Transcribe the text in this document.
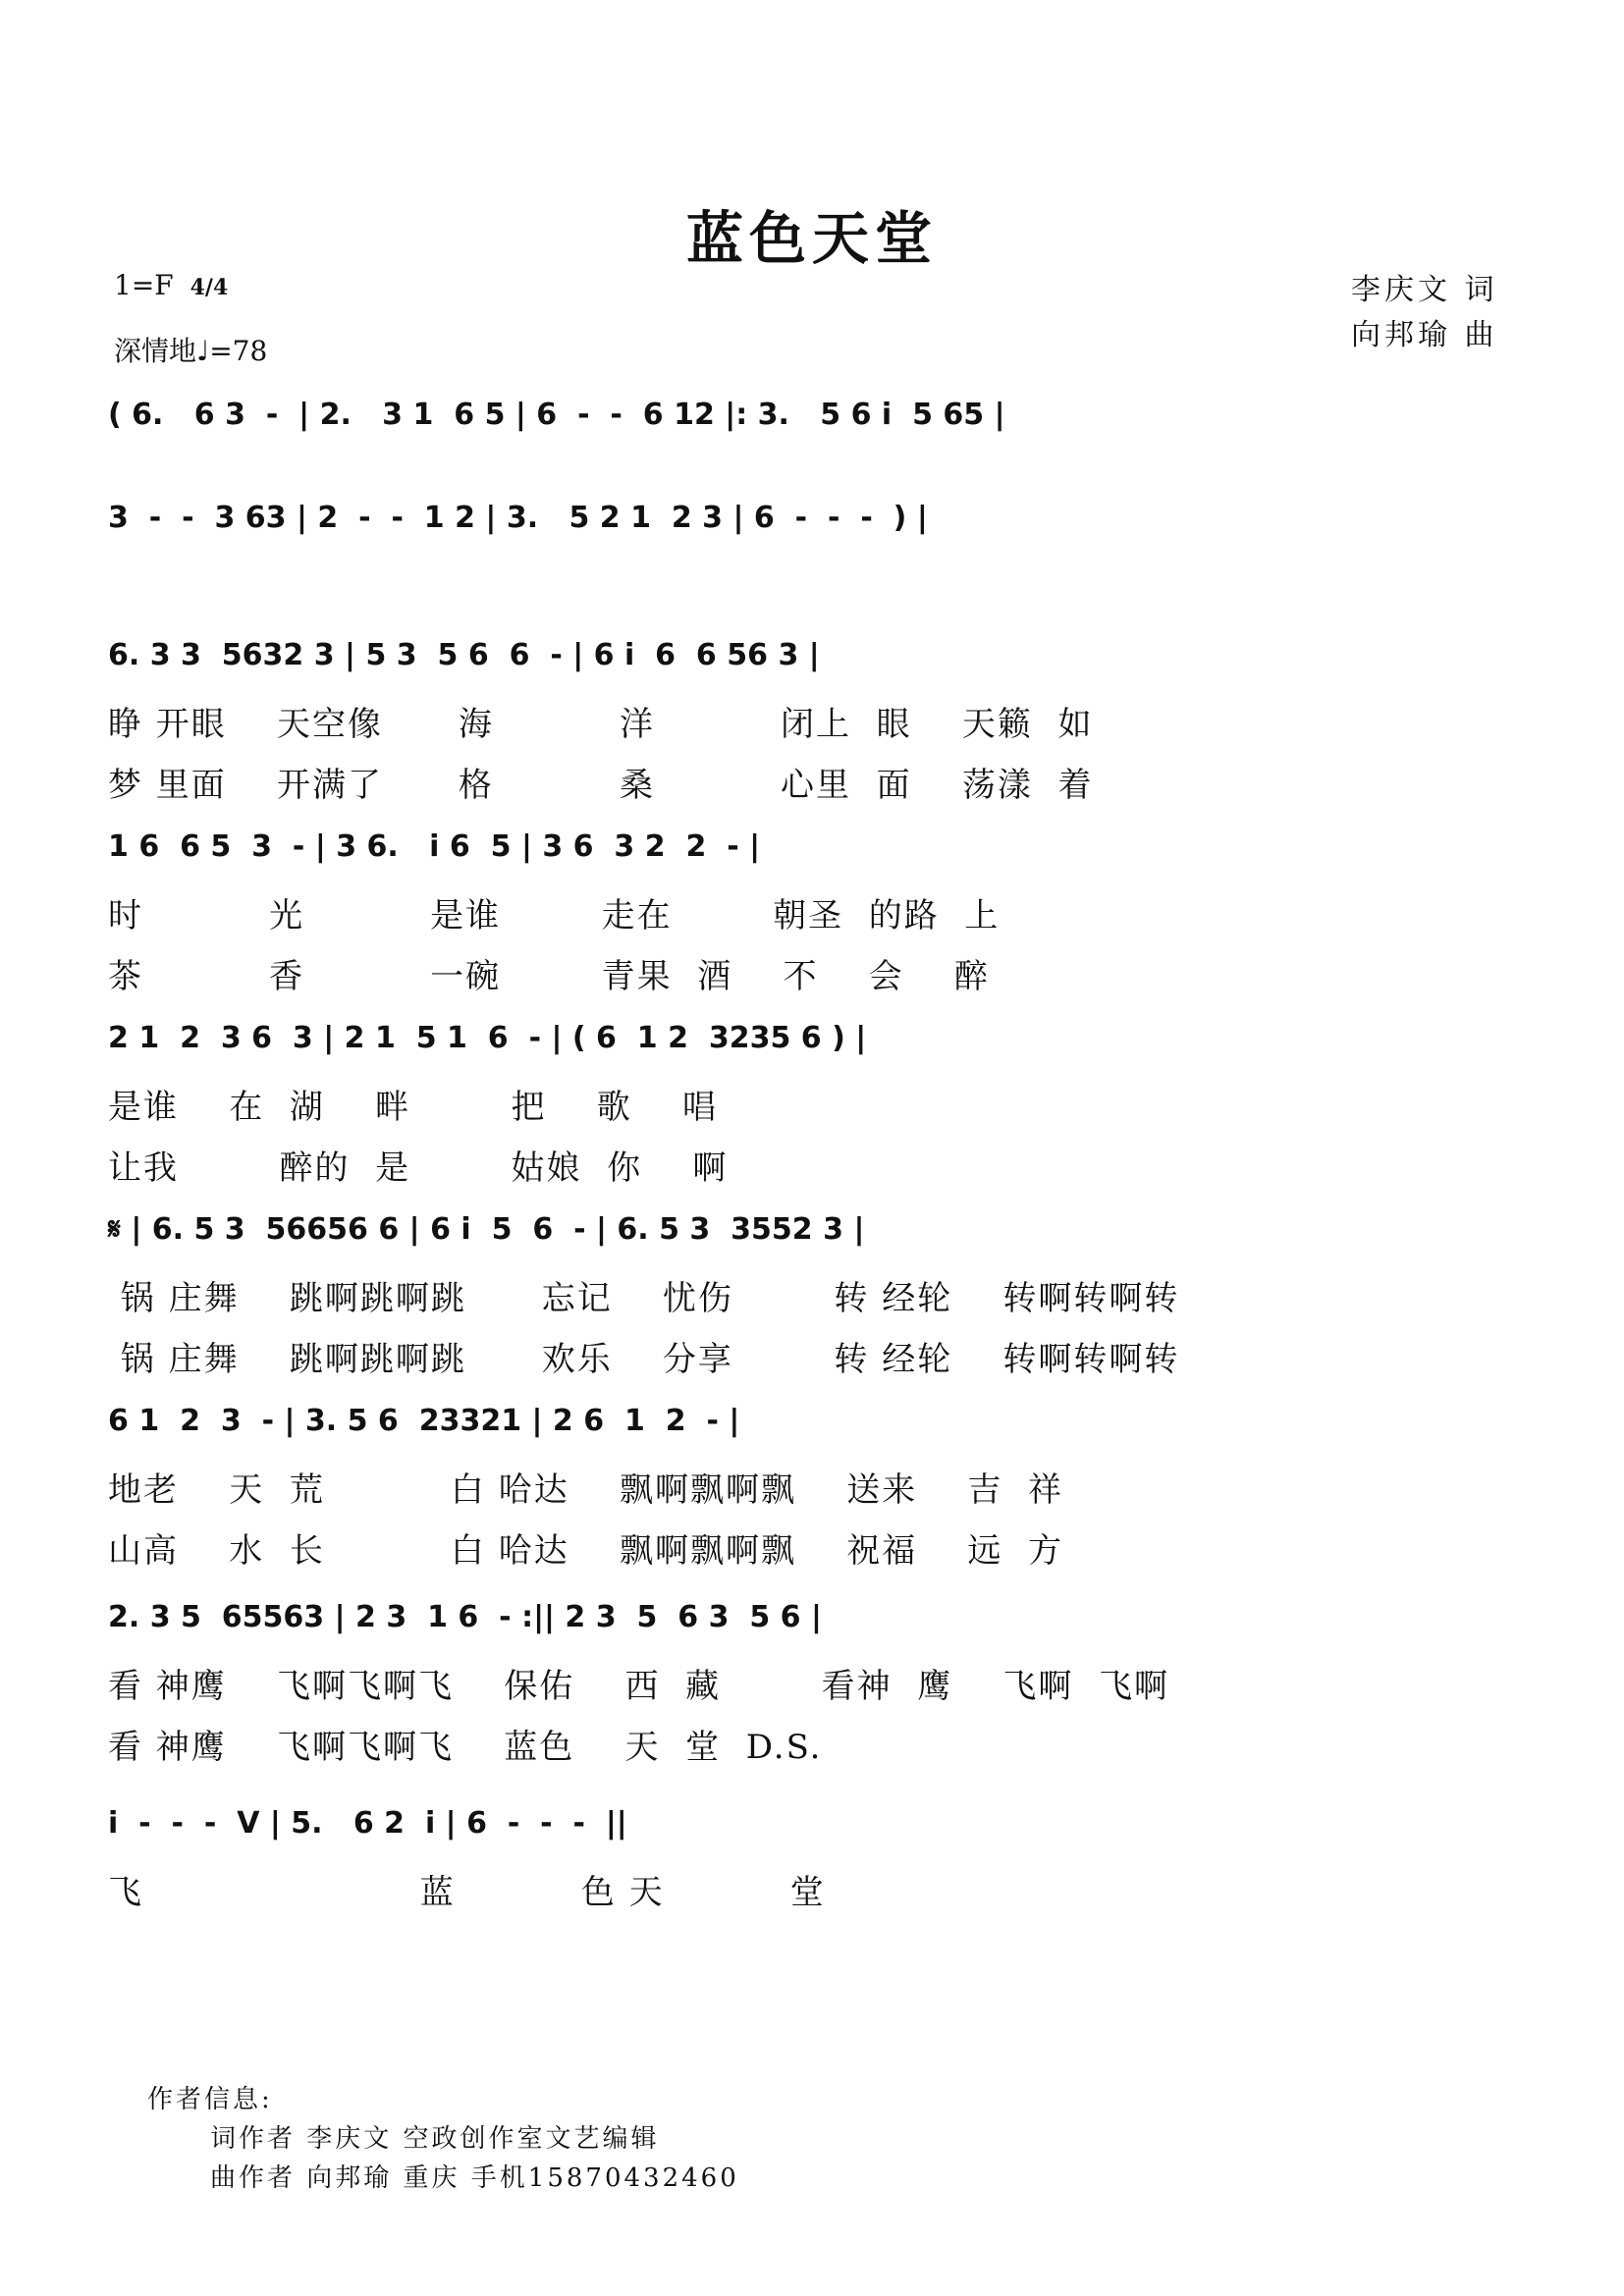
蓝色天堂
1=F 4/4
深情地♩=78
李庆文 词
向邦瑜 曲
( 6.   6 3  -  | 2.   3 1  6 5 | 6  -  -  6 12 |: 3.   5 6 i  5 65 |
3  -  -  3 63 | 2  -  -  1 2 | 3.   5 2 1  2 3 | 6  -  -  -  ) |
6. 3 3  5632 3 | 5 3  5 6  6  - | 6 i  6  6 56 3 |
睁 开眼    天空像      海          洋          闭上  眼    天籁  如
梦 里面    开满了      格          桑          心里  面    荡漾  着
1 6  6 5  3  - | 3 6.   i 6  5 | 3 6  3 2  2  - |
时          光          是谁        走在        朝圣  的路  上
茶          香          一碗        青果  酒    不    会    醉
2 1  2  3 6  3 | 2 1  5 1  6  - | ( 6  1 2  3235 6 ) |
是谁    在  湖    畔        把    歌    唱
让我        醉的  是        姑娘  你    啊
𝄋 | 6. 5 3  56656 6 | 6 i  5  6  - | 6. 5 3  3552 3 |
锅 庄舞    跳啊跳啊跳      忘记    忧伤        转 经轮    转啊转啊转
锅 庄舞    跳啊跳啊跳      欢乐    分享        转 经轮    转啊转啊转
6 1  2  3  - | 3. 5 6  23321 | 2 6  1  2  - |
地老    天  荒          白 哈达    飘啊飘啊飘    送来    吉  祥
山高    水  长          白 哈达    飘啊飘啊飘    祝福    远  方
2. 3 5  65563 | 2 3  1 6  - :|| 2 3  5  6 3  5 6 |
看 神鹰    飞啊飞啊飞    保佑    西  藏        看神  鹰    飞啊  飞啊
看 神鹰    飞啊飞啊飞    蓝色    天  堂  D.S.
i  -  -  -  V | 5.   6 2  i | 6  -  -  -  ||
飞                      蓝          色 天          堂
作者信息:
词作者 李庆文 空政创作室文艺编辑
曲作者 向邦瑜 重庆 手机15870432460
